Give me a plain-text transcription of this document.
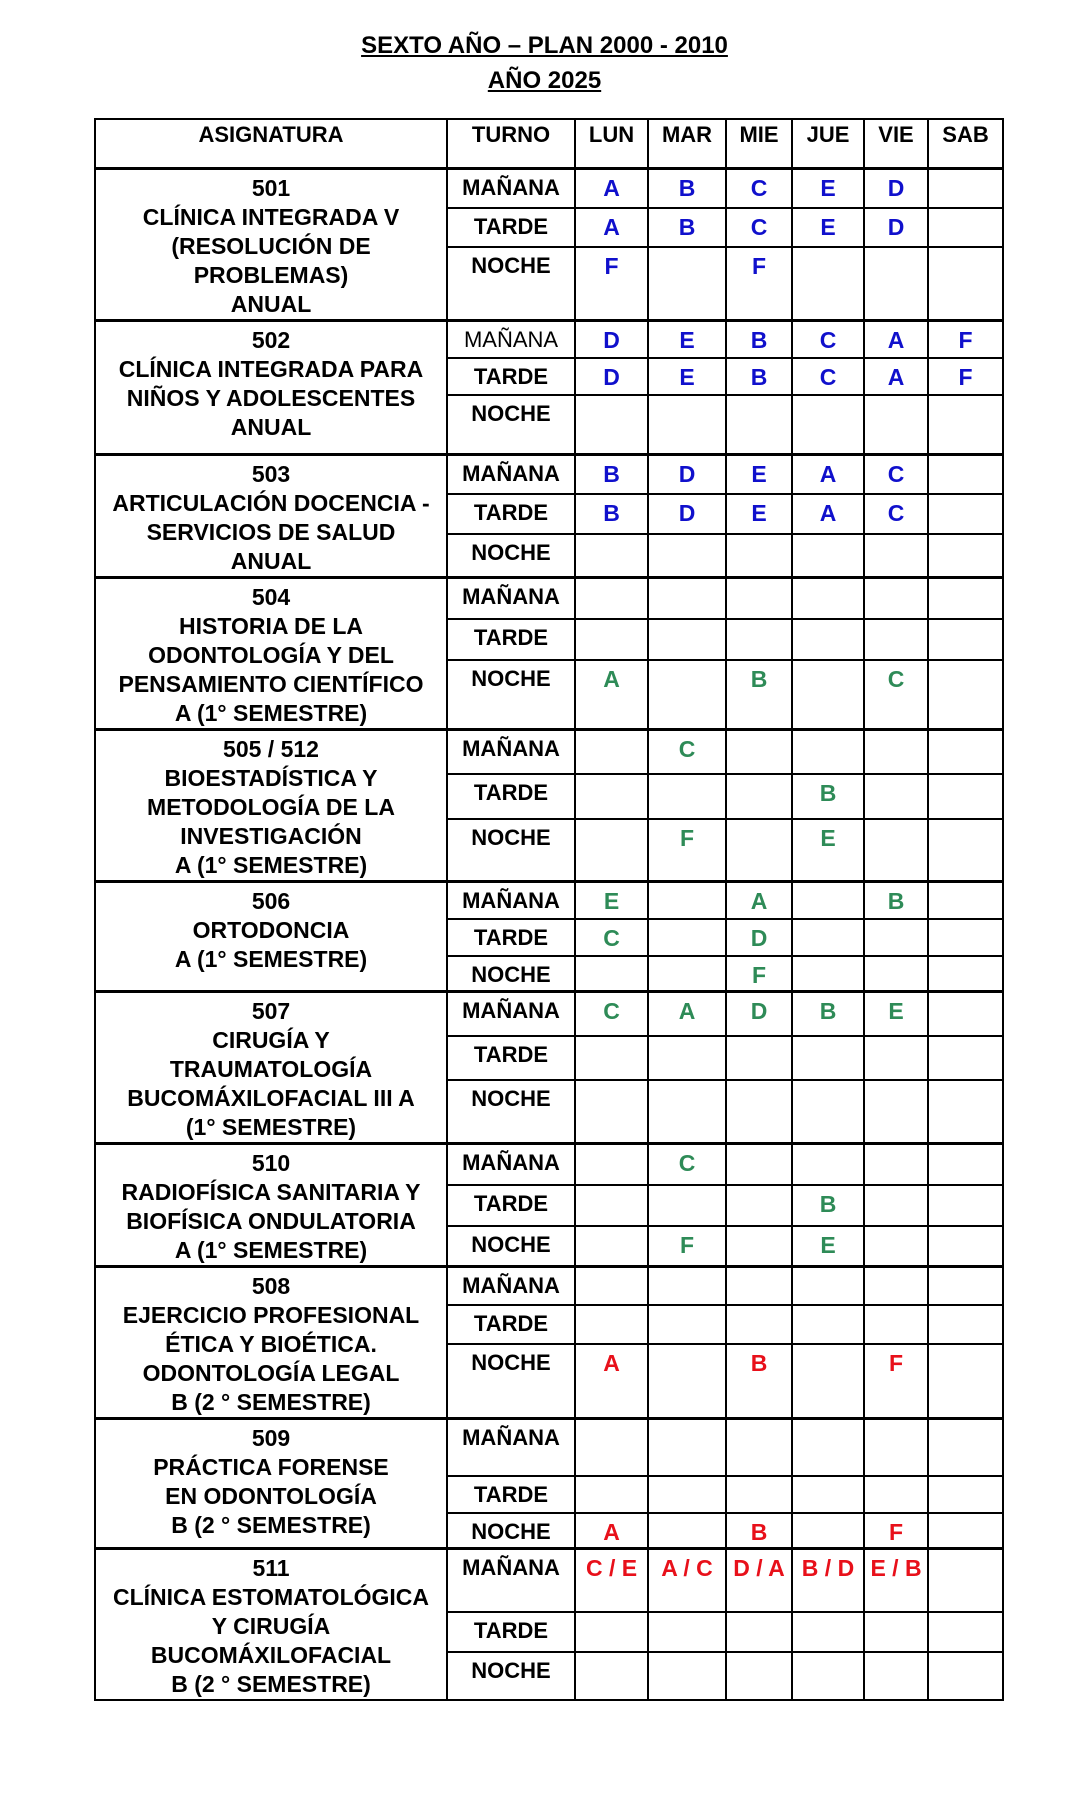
SEXTO AÑO – PLAN 2000 - 2010
AÑO 2025
ASIGNATURA	TURNO	LUN	MAR	MIE	JUE	VIE	SAB

501
CLÍNICA INTEGRADA V
(RESOLUCIÓN DE
PROBLEMAS)
ANUAL	MAÑANA	A	B	C	E	D	
	TARDE	A	B	C	E	D	
	NOCHE	F		F			

502
CLÍNICA INTEGRADA PARA
NIÑOS Y ADOLESCENTES
ANUAL	MAÑANA	D	E	B	C	A	F
	TARDE	D	E	B	C	A	F
	NOCHE						

503
ARTICULACIÓN DOCENCIA -
SERVICIOS DE SALUD
ANUAL	MAÑANA	B	D	E	A	C	
	TARDE	B	D	E	A	C	
	NOCHE						

504
HISTORIA DE LA
ODONTOLOGÍA Y DEL
PENSAMIENTO CIENTÍFICO
A (1° SEMESTRE)	MAÑANA						
	TARDE						
	NOCHE	A		B		C	

505 / 512
BIOESTADÍSTICA Y
METODOLOGÍA DE LA
INVESTIGACIÓN
A (1° SEMESTRE)	MAÑANA		C				
	TARDE				B		
	NOCHE		F		E		

506
ORTODONCIA
A (1° SEMESTRE)	MAÑANA	E		A		B	
	TARDE	C		D			
	NOCHE			F			

507
CIRUGÍA Y
TRAUMATOLOGÍA
BUCOMÁXILOFACIAL III A
(1° SEMESTRE)	MAÑANA	C	A	D	B	E	
	TARDE						
	NOCHE						

510
RADIOFÍSICA SANITARIA Y
BIOFÍSICA ONDULATORIA
A (1° SEMESTRE)	MAÑANA		C				
	TARDE				B		
	NOCHE		F		E		

508
EJERCICIO PROFESIONAL
ÉTICA Y BIOÉTICA.
ODONTOLOGÍA LEGAL
B (2 ° SEMESTRE)	MAÑANA						
	TARDE						
	NOCHE	A		B		F	

509
PRÁCTICA FORENSE
EN ODONTOLOGÍA
B (2 ° SEMESTRE)	MAÑANA						
	TARDE						
	NOCHE	A		B		F	

511
CLÍNICA ESTOMATOLÓGICA
Y CIRUGÍA
BUCOMÁXILOFACIAL
B (2 ° SEMESTRE)	MAÑANA	C / E	A / C	D / A	B / D	E / B	
	TARDE						
	NOCHE						
